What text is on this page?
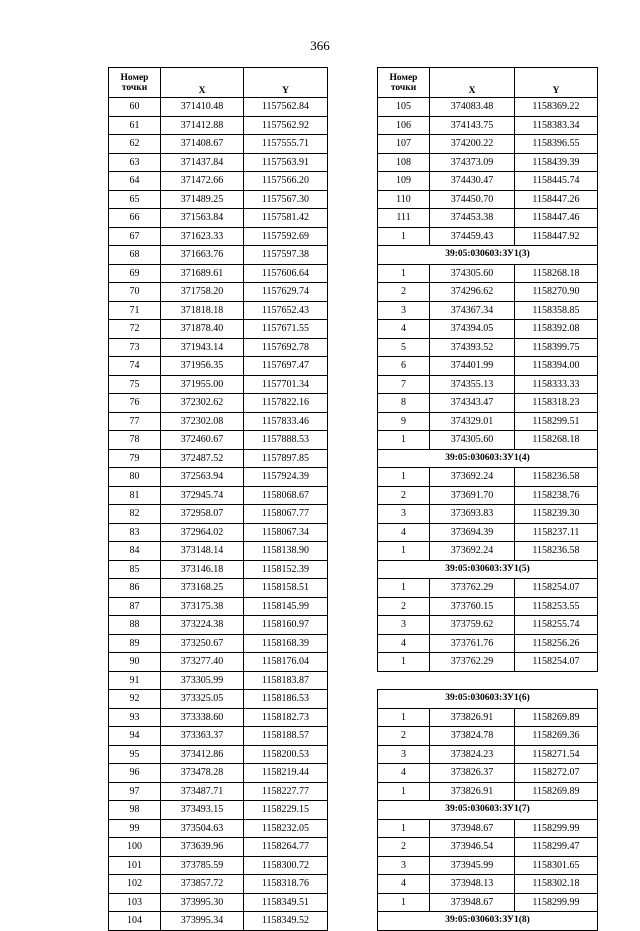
366
Номер
точки	X	Y
60	371410.48	1157562.84
61	371412.88	1157562.92
62	371408.67	1157555.71
63	371437.84	1157563.91
64	371472.66	1157566.20
65	371489.25	1157567.30
66	371563.84	1157581.42
67	371623.33	1157592.69
68	371663.76	1157597.38
69	371689.61	1157606.64
70	371758.20	1157629.74
71	371818.18	1157652.43
72	371878.40	1157671.55
73	371943.14	1157692.78
74	371956.35	1157697.47
75	371955.00	1157701.34
76	372302.62	1157822.16
77	372302.08	1157833.46
78	372460.67	1157888.53
79	372487.52	1157897.85
80	372563.94	1157924.39
81	372945.74	1158068.67
82	372958.07	1158067.77
83	372964.02	1158067.34
84	373148.14	1158138.90
85	373146.18	1158152.39
86	373168.25	1158158.51
87	373175.38	1158145.99
88	373224.38	1158160.97
89	373250.67	1158168.39
90	373277.40	1158176.04
91	373305.99	1158183.87
92	373325.05	1158186.53
93	373338.60	1158182.73
94	373363.37	1158188.57
95	373412.86	1158200.53
96	373478.28	1158219.44
97	373487.71	1158227.77
98	373493.15	1158229.15
99	373504.63	1158232.05
100	373639.96	1158264.77
101	373785.59	1158300.72
102	373857.72	1158318.76
103	373995.30	1158349.51
104	373995.34	1158349.52
Номер
точки	X	Y
105	374083.48	1158369.22
106	374143.75	1158383.34
107	374200.22	1158396.55
108	374373.09	1158439.39
109	374430.47	1158445.74
110	374450.70	1158447.26
111	374453.38	1158447.46
1	374459.43	1158447.92
39:05:030603:ЗУ1(3)		
1	374305.60	1158268.18
2	374296.62	1158270.90
3	374367.34	1158358.85
4	374394.05	1158392.08
5	374393.52	1158399.75
6	374401.99	1158394.00
7	374355.13	1158333.33
8	374343.47	1158318.23
9	374329.01	1158299.51
1	374305.60	1158268.18
39:05:030603:ЗУ1(4)		
1	373692.24	1158236.58
2	373691.70	1158238.76
3	373693.83	1158239.30
4	373694.39	1158237.11
1	373692.24	1158236.58
39:05:030603:ЗУ1(5)		
1	373762.29	1158254.07
2	373760.15	1158253.55
3	373759.62	1158255.74
4	373761.76	1158256.26
1	373762.29	1158254.07

39:05:030603:ЗУ1(6)		
1	373826.91	1158269.89
2	373824.78	1158269.36
3	373824.23	1158271.54
4	373826.37	1158272.07
1	373826.91	1158269.89
39:05:030603:ЗУ1(7)		
1	373948.67	1158299.99
2	373946.54	1158299.47
3	373945.99	1158301.65
4	373948.13	1158302.18
1	373948.67	1158299.99
39:05:030603:ЗУ1(8)		
